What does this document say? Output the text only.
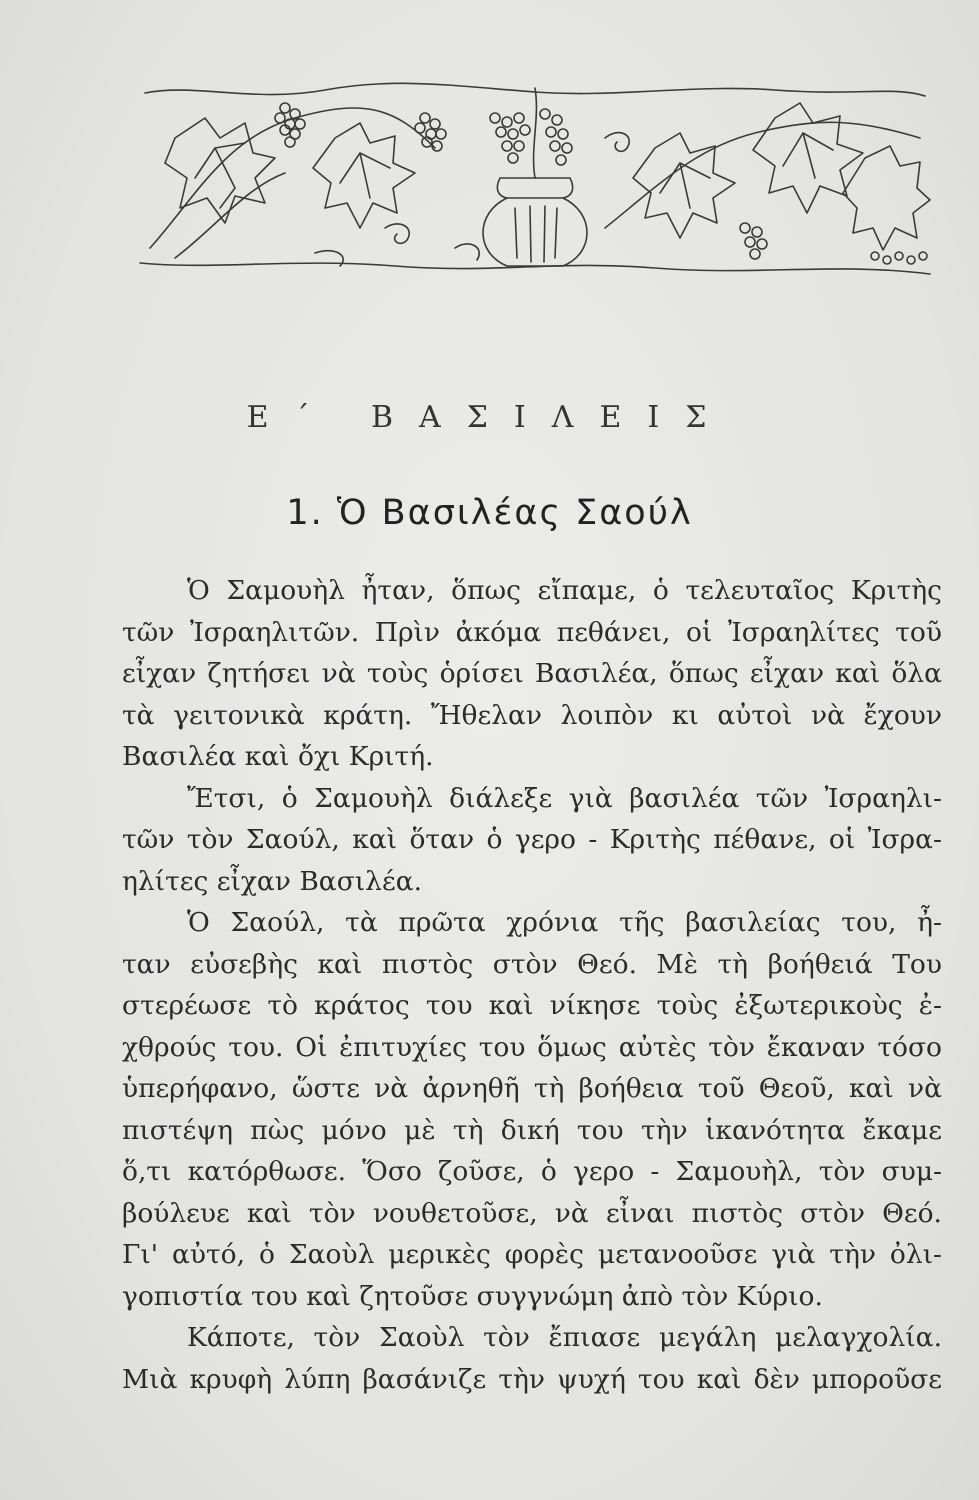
Ε΄ ΒΑΣΙΛΕΙΣ
1. Ὁ Βασιλέας Σαούλ
Ὁ Σαμουὴλ ἦταν, ὅπως εἴπαμε, ὁ τελευταῖος Κριτὴς
τῶν Ἰσραηλιτῶν. Πρὶν ἀκόμα πεθάνει, οἱ Ἰσραηλίτες τοῦ
εἶχαν ζητήσει νὰ τοὺς ὁρίσει Βασιλέα, ὅπως εἶχαν καὶ ὅλα
τὰ γειτονικὰ κράτη. Ἤθελαν λοιπὸν κι αὐτοὶ νὰ ἔχουν
Βασιλέα καὶ ὄχι Κριτή.
Ἔτσι, ὁ Σαμουὴλ διάλεξε γιὰ βασιλέα τῶν Ἰσραηλι-
τῶν τὸν Σαούλ, καὶ ὅταν ὁ γερο - Κριτὴς πέθανε, οἱ Ἰσρα-
ηλίτες εἶχαν Βασιλέα.
Ὁ Σαούλ, τὰ πρῶτα χρόνια τῆς βασιλείας του, ἦ-
ταν εὐσεβὴς καὶ πιστὸς στὸν Θεό. Μὲ τὴ βοήθειά Του
στερέωσε τὸ κράτος του καὶ νίκησε τοὺς ἐξωτερικοὺς ἐ-
χθρούς του. Οἱ ἐπιτυχίες του ὅμως αὐτὲς τὸν ἔκαναν τόσο
ὑπερήφανο, ὥστε νὰ ἀρνηθῆ τὴ βοήθεια τοῦ Θεοῦ, καὶ νὰ
πιστέψη πὼς μόνο μὲ τὴ δική του τὴν ἱκανότητα ἔκαμε
ὅ,τι κατόρθωσε. Ὅσο ζοῦσε, ὁ γερο - Σαμουὴλ, τὸν συμ-
βούλευε καὶ τὸν νουθετοῦσε, νὰ εἶναι πιστὸς στὸν Θεό.
Γι' αὐτό, ὁ Σαοὺλ μερικὲς φορὲς μετανοοῦσε γιὰ τὴν ὀλι-
γοπιστία του καὶ ζητοῦσε συγγνώμη ἀπὸ τὸν Κύριο.
Κάποτε, τὸν Σαοὺλ τὸν ἔπιασε μεγάλη μελαγχολία.
Μιὰ κρυφὴ λύπη βασάνιζε τὴν ψυχή του καὶ δὲν μποροῦσε
